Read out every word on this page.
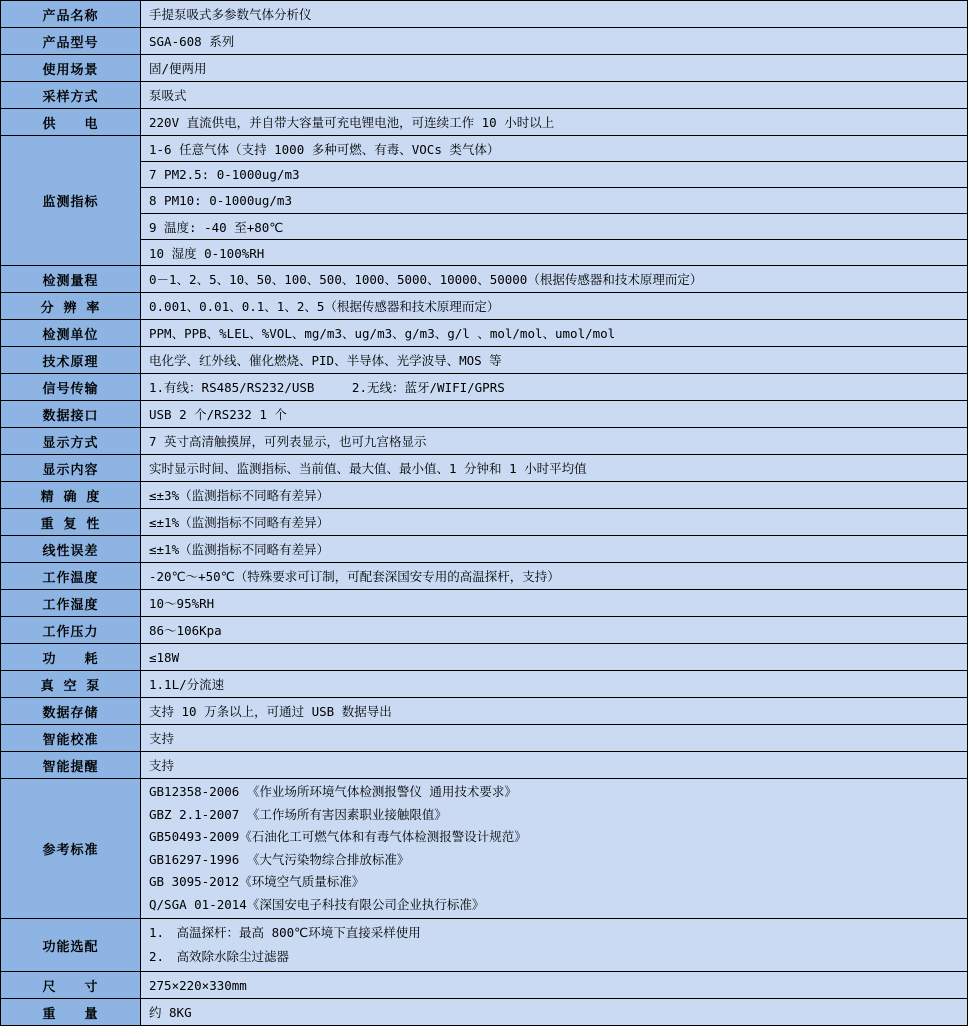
产品名称	手提泵吸式多参数气体分析仪
产品型号	SGA-608 系列
使用场景	固/便两用
采样方式	泵吸式
供　　电	220V 直流供电，并自带大容量可充电锂电池，可连续工作 10 小时以上
监测指标	1-6 任意气体（支持 1000 多种可燃、有毒、VOCs 类气体）
	7 PM2.5: 0-1000ug/m3
	8 PM10: 0-1000ug/m3
	9 温度: -40 至+80℃
	10 湿度 0-100%RH
检测量程	0－1、2、5、10、50、100、500、1000、5000、10000、50000（根据传感器和技术原理而定）
分 辨 率	0.001、0.01、0.1、1、2、5（根据传感器和技术原理而定）
检测单位	PPM、PPB、%LEL、%VOL、mg/m3、ug/m3、g/m3、g/l 、mol/mol、umol/mol
技术原理	电化学、红外线、催化燃烧、PID、半导体、光学波导、MOS 等
信号传输	1.有线：RS485/RS232/USB　　　2.无线：蓝牙/WIFI/GPRS
数据接口	USB 2 个/RS232 1 个
显示方式	7 英寸高清触摸屏，可列表显示，也可九宫格显示
显示内容	实时显示时间、监测指标、当前值、最大值、最小值、1 分钟和 1 小时平均值
精 确 度	≤±3%（监测指标不同略有差异）
重 复 性	≤±1%（监测指标不同略有差异）
线性误差	≤±1%（监测指标不同略有差异）
工作温度	-20℃～+50℃（特殊要求可订制，可配套深国安专用的高温探杆，支持）
工作湿度	10～95%RH
工作压力	86～106Kpa
功　　耗	≤18W
真 空 泵	1.1L/分流速
数据存储	支持 10 万条以上，可通过 USB 数据导出
智能校准	支持
智能提醒	支持
参考标准	
GB12358-2006 《作业场所环境气体检测报警仪 通用技术要求》
GBZ 2.1-2007 《工作场所有害因素职业接触限值》
GB50493-2009《石油化工可燃气体和有毒气体检测报警设计规范》
GB16297-1996 《大气污染物综合排放标准》
GB 3095-2012《环境空气质量标准》
Q/SGA 01-2014《深国安电子科技有限公司企业执行标准》

功能选配	1.　高温探杆：最高 800℃环境下直接采样使用
2.　高效除水除尘过滤器

尺　　寸	275×220×330mm
重　　量	约 8KG
